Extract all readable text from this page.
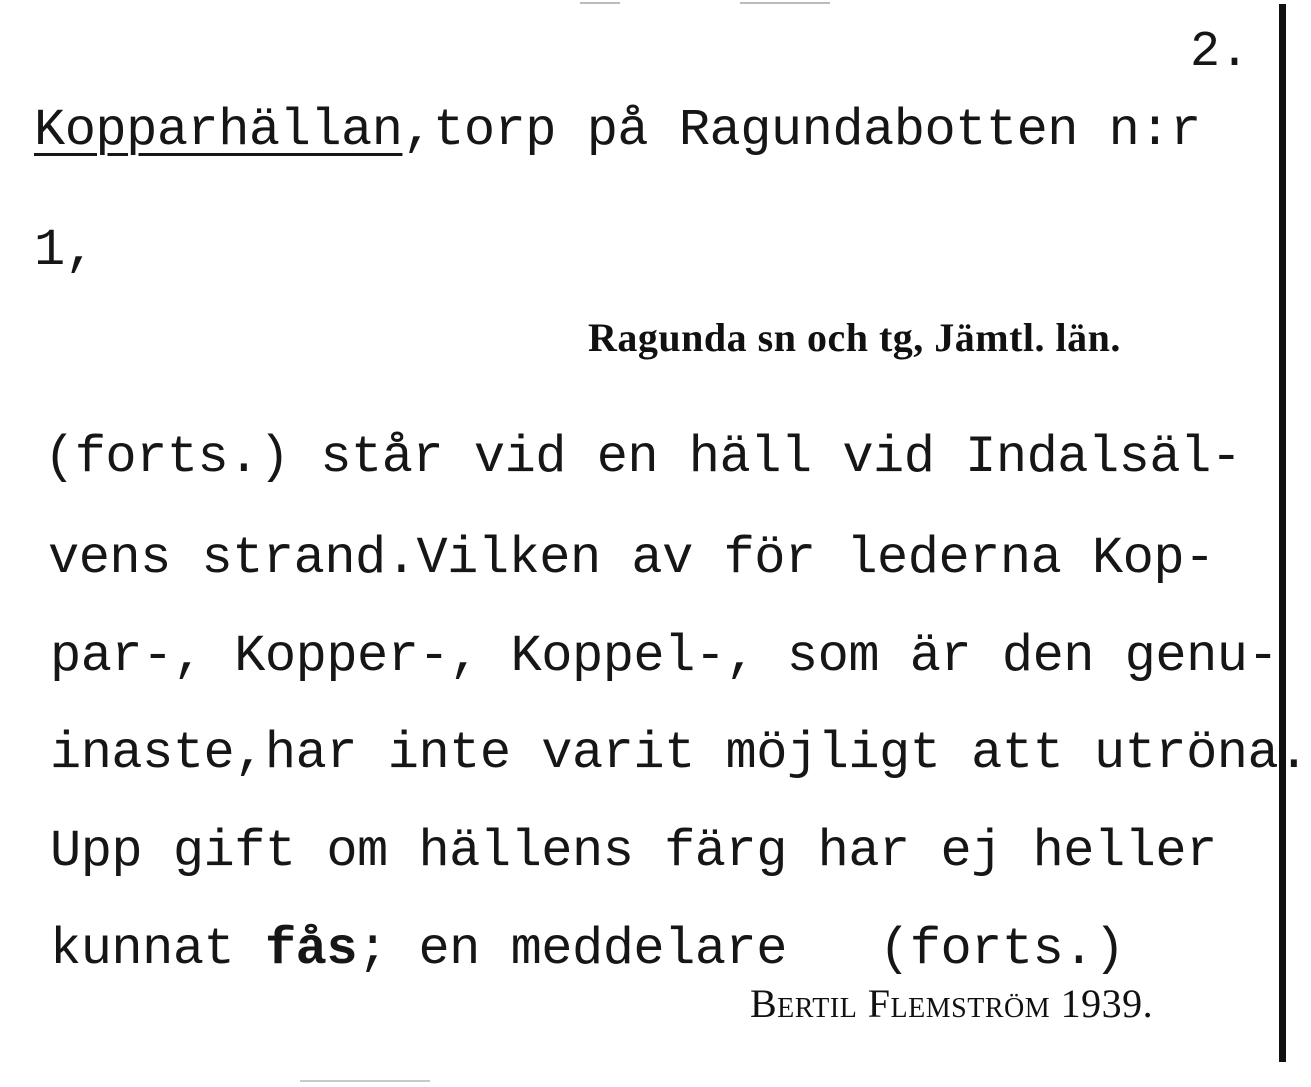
2.
Kopparhällan,torp på Ragundabotten n:r
1,
Ragunda sn och tg, Jämtl. län.
(forts.) står vid en häll vid Indalsäl-
vens strand.Vilken av för lederna Kop-
par-, Kopper-, Koppel-, som är den genu-
inaste,har inte varit möjligt att utröna.
Upp gift om hällens färg har ej heller
kunnat fås; en meddelare   (forts.)
Bertil Flemström 1939.
